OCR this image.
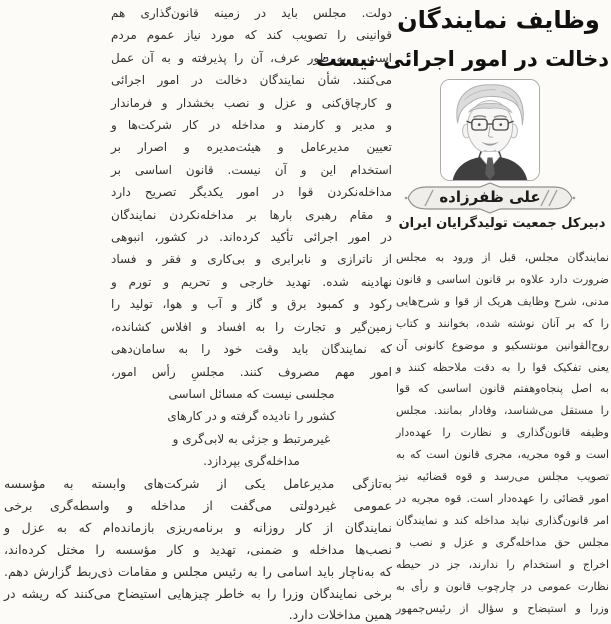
وظایف نمایندگان
دخالت در امور اجرائی نیست
علی ظفرزاده
دبیرکل جمعیت تولیدگرایان ایران
نمایندگان مجلس، قبل از ورود به مجلس
ضرورت دارد علاوه بر قانون اساسی و قانون
مدنی، شرح وظایف هریک از قوا و شرح‌هایی
را که بر آنان نوشته شده، بخوانند و کتاب
روح‌القوانین مونتسکیو و موضوع کانونی آن
یعنی تفکیک قوا را به دقت ملاحظه کنند و
به اصل پنجاه‌وهفتم قانون اساسی که قوا
را مستقل می‌شناسد، وفادار بمانند. مجلس
وظیفه قانون‌گذاری و نظارت را عهده‌دار
است و قوه مجریه، مجری قانون است که به
تصویب مجلس می‌رسد و قوه قضائیه نیز
امور قضائی را عهده‌دار است. قوه مجریه در
امر قانون‌گذاری نباید مداخله کند و نمایندگان
مجلس حق مداخله‌گری و عزل و نصب و
اخراج و استخدام را ندارند، جز در حیطه
نظارت عمومی در چارچوب قانون و رأی به
وزرا و استیضاح و سؤال از رئیس‌جمهور
دولت. مجلس باید در زمینه قانون‌گذاری هم
قوانینی را تصویب کند که مورد نیاز عموم مردم
است و به طور عرف، آن را پذیرفته و به آن عمل
می‌کنند. شأن نمایندگان دخالت در امور اجرائی
و کارچاق‌کنی و عزل و نصب بخشدار و فرماندار
و مدیر و کارمند و مداخله در کار شرکت‌ها و
تعیین مدیرعامل و هیئت‌مدیره و اصرار بر
استخدام این و آن نیست. قانون اساسی بر
مداخله‌نکردن قوا در امور یکدیگر تصریح دارد
و مقام رهبری بارها بر مداخله‌نکردن نمایندگان
در امور اجرائی تأکید کرده‌اند. در کشور، انبوهی
از ناترازی و نابرابری و بی‌کاری و فقر و فساد
نهادینه شده. تهدید خارجی و تحریم و تورم و
رکود و کمبود برق و گاز و آب و هوا، تولید را
زمین‌گیر و تجارت را به افساد و افلاس کشانده،
که نمایندگان باید وقت خود را به سامان‌دهی
امور مهم مصروف کنند. مجلسِ رأس امور،
مجلسی نیست که مسائل اساسی
کشور را نادیده گرفته و در کارهای
غیرمرتبط و جزئی به لابی‌گری و
مداخله‌گری بپردازد.
به‌تازگی مدیرعامل یکی از شرکت‌های وابسته به مؤسسه
عمومی غیردولتی می‌گفت از مداخله و واسطه‌گری برخی
نمایندگان از کار روزانه و برنامه‌ریزی بازمانده‌ام که به عزل و
نصب‌ها مداخله و ضمنی، تهدید و کار مؤسسه را مختل کرده‌اند،
که به‌ناچار باید اسامی را به رئیس مجلس و مقامات ذی‌ربط گزارش دهم.
برخی نمایندگان وزرا را به خاطر چیزهایی استیضاح می‌کنند که ریشه در
همین مداخلات دارد.
